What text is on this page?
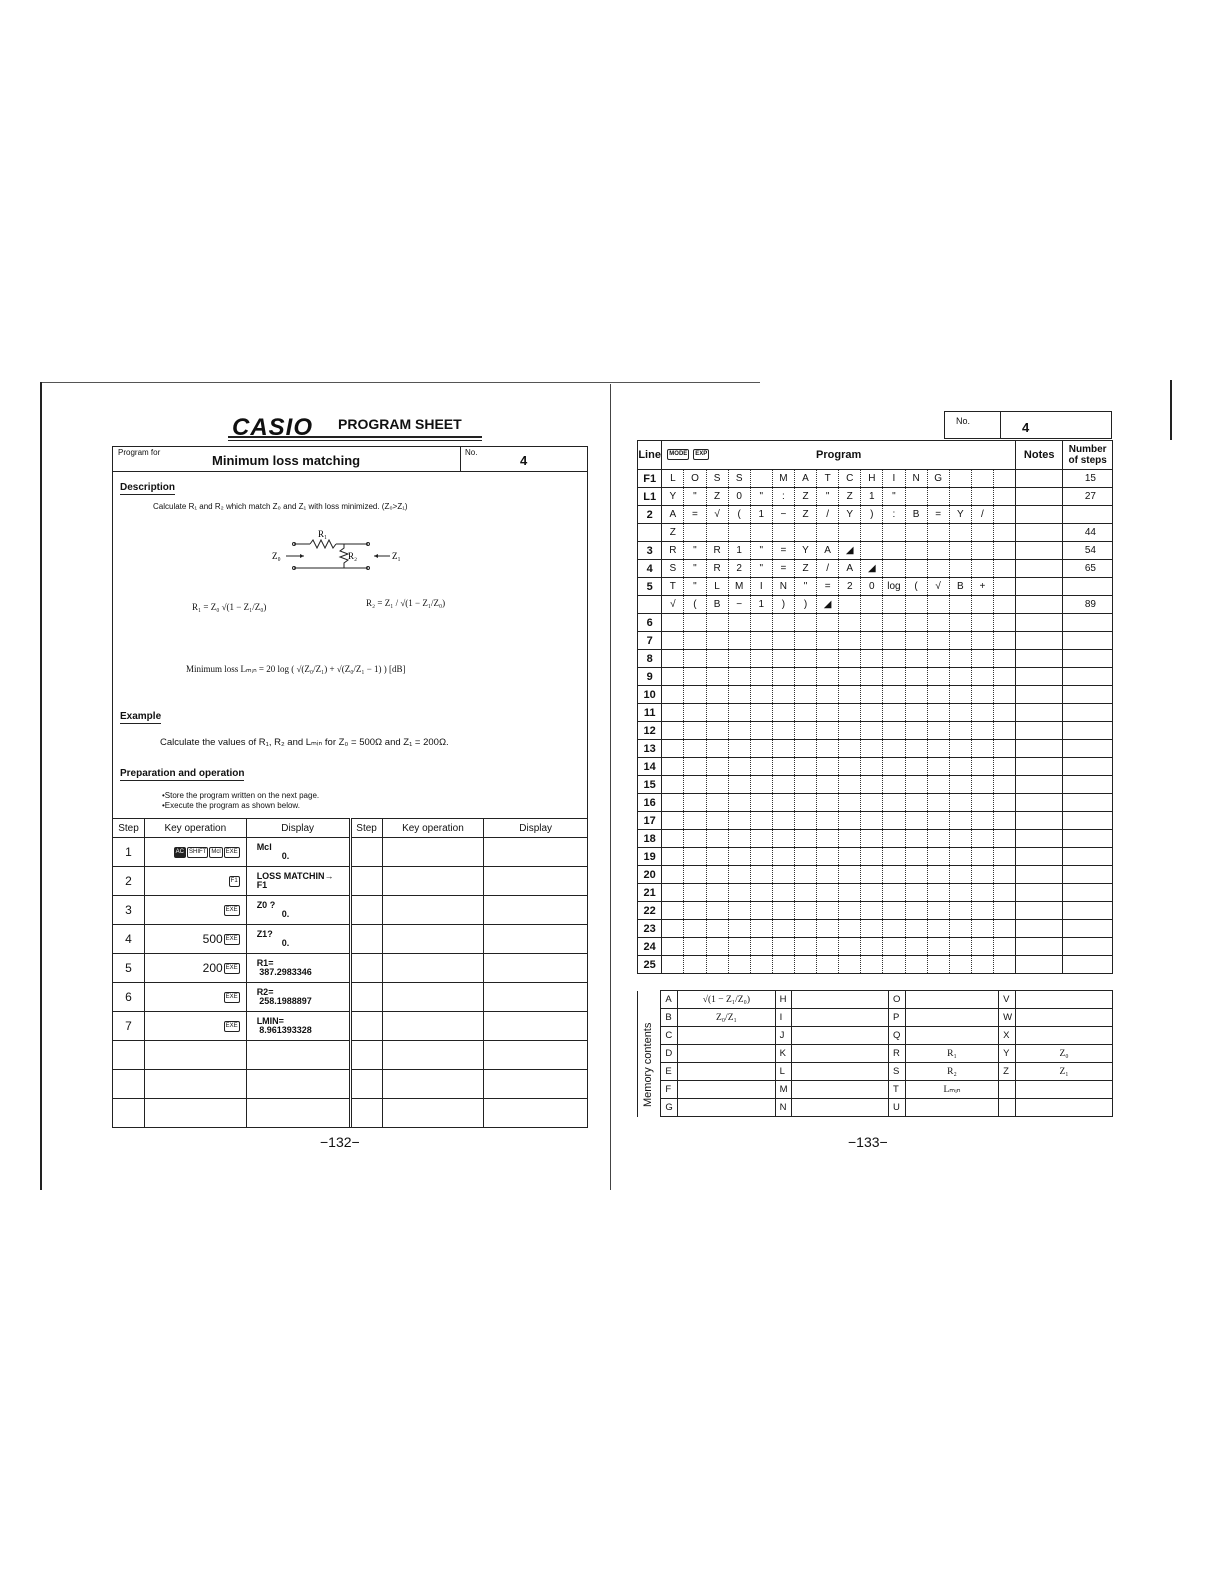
CASIO PROGRAM SHEET
Program for
Minimum loss matching
No.
4
Description
Calculate R₁ and R₂ which match Z₀ and Z₁ with loss minimized. (Z₀>Z₁)
R₁
R₂
Z₀	Z₁
R₁ = Z₀ √(1 − Z₁/Z₀)	R₂ = Z₁ / √(1 − Z₁/Z₀)
Minimum loss Lₘᵢₙ = 20 log ( √(Z₀/Z₁) + √(Z₀/Z₁ − 1) ) [dB]
Example
Calculate the values of R₁, R₂ and Lₘᵢₙ for Z₀ = 500Ω and Z₁ = 200Ω.
Preparation and operation
•Store the program written on the next page.
•Execute the program as shown below.
Step	Key operation	Display	Step	Key operation	Display
1	AC SHIFT Mcl EXE	Mcl
0.			
2	F1	LOSS MATCHIN→
F1			
3	EXE	Z0 ?
0.			
4	500 EXE	Z1?
0.			
5	200 EXE	R1=
387.2983346			
6	EXE	R2=
258.1988897			
7	EXE	LMIN=
8.961393328			

−132−
No.	4
Line	MODE EXP Program																Notes	Number of steps
F1	L	O	S	S		M	A	T	C	H	I	N	G					15
L1	Y	"	Z	0	"	:	Z	"	Z	1	"							27
2	A	=	√	(	1	−	Z	/	Y	)	:	B	=	Y	/			
	Z																	44
3	R	"	R	1	"	=	Y	A	◢									54
4	S	"	R	2	"	=	Z	/	A	◢								65
5	T	"	L	M	I	N	"	=	2	0	log	(	√	B	+			
	√	(	B	−	1	)	)	◢										89
6																		
7																		
8																		
9																		
10																		
11																		
12																		
13																		
14																		
15																		
16																		
17																		
18																		
19																		
20																		
21																		
22																		
23																		
24																		
25																		
Memory contents
	A	√(1 − Z₁/Z₀)	H		O		V	
	B	Z₀/Z₁	I		P		W	
	C		J		Q		X	
	D		K		R	R₁	Y	Z₀
	E		L		S	R₂	Z	Z₁
	F		M		T	Lₘᵢₙ		
	G		N		U			
−133−
